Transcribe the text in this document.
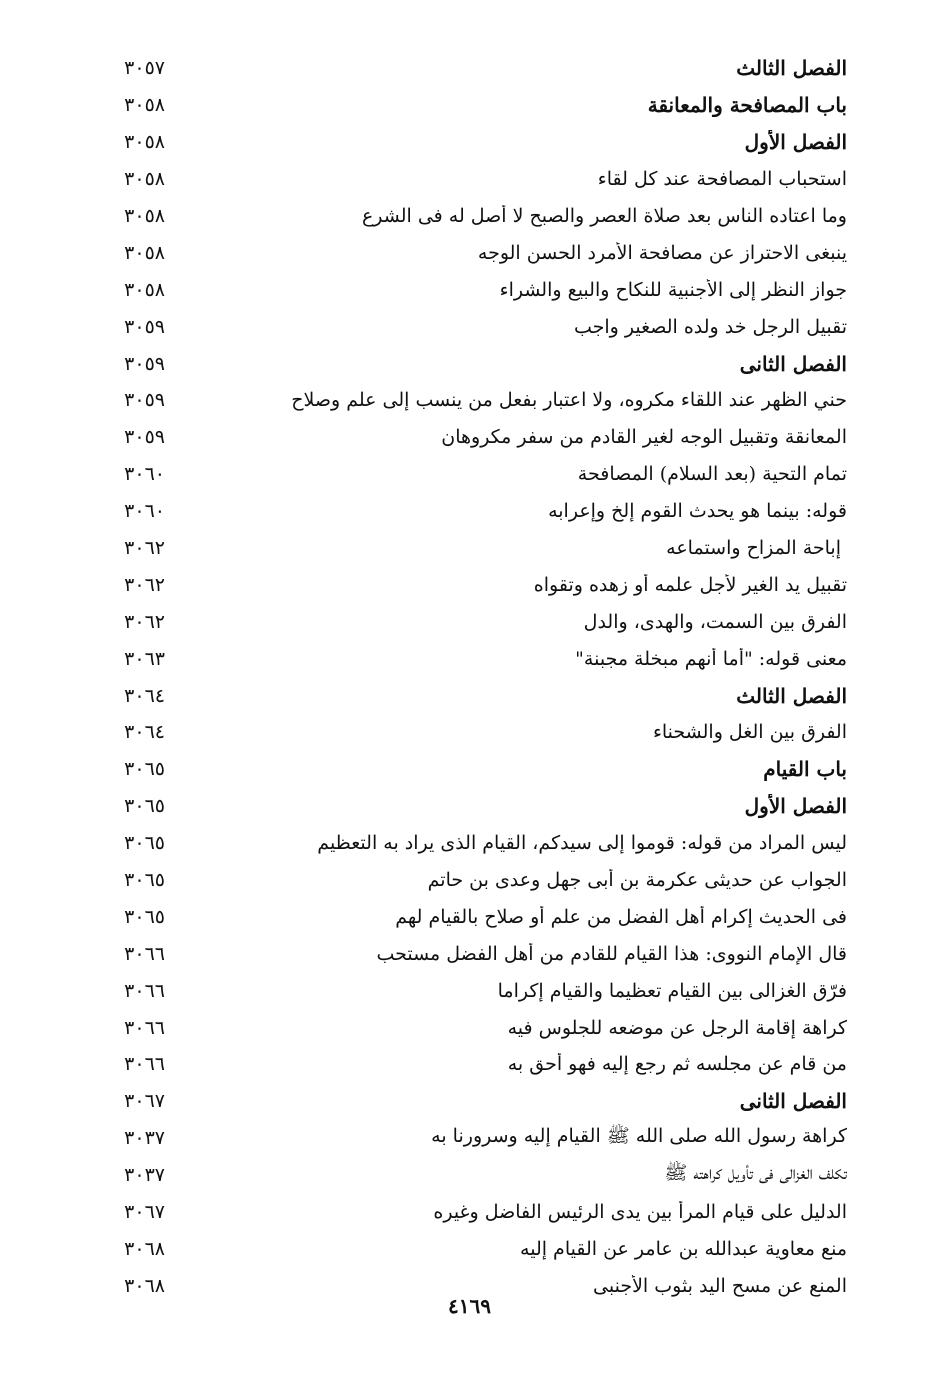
الفصل الثالث
٣٠٥٧
باب المصافحة والمعانقة
٣٠٥٨
الفصل الأول
٣٠٥٨
استحباب المصافحة عند كل لقاء
٣٠٥٨
وما اعتاده الناس بعد صلاة العصر والصبح لا أصل له فى الشرع
٣٠٥٨
ينبغى الاحتراز عن مصافحة الأمرد الحسن الوجه
٣٠٥٨
جواز النظر إلى الأجنبية للنكاح والبيع والشراء
٣٠٥٨
تقبيل الرجل خد ولده الصغير واجب
٣٠٥٩
الفصل الثانى
٣٠٥٩
حني الظهر عند اللقاء مكروه، ولا اعتبار بفعل من ينسب إلى علم وصلاح
٣٠٥٩
المعانقة وتقبيل الوجه لغير القادم من سفر مكروهان
٣٠٥٩
تمام التحية (بعد السلام) المصافحة
٣٠٦٠
قوله: بينما هو يحدث القوم إلخ وإعرابه
٣٠٦٠
إباحة المزاح واستماعه
٣٠٦٢
تقبيل يد الغير لأجل علمه أو زهده وتقواه
٣٠٦٢
الفرق بين السمت، والهدى، والدل
٣٠٦٢
معنى قوله: "أما أنهم مبخلة مجبنة"
٣٠٦٣
الفصل الثالث
٣٠٦٤
الفرق بين الغل والشحناء
٣٠٦٤
باب القيام
٣٠٦٥
الفصل الأول
٣٠٦٥
ليس المراد من قوله: قوموا إلى سيدكم، القيام الذى يراد به التعظيم
٣٠٦٥
الجواب عن حديثى عكرمة بن أبى جهل وعدى بن حاتم
٣٠٦٥
فى الحديث إكرام أهل الفضل من علم أو صلاح بالقيام لهم
٣٠٦٥
قال الإمام النووى: هذا القيام للقادم من أهل الفضل مستحب
٣٠٦٦
فرّق الغزالى بين القيام تعظيما والقيام إكراما
٣٠٦٦
كراهة إقامة الرجل عن موضعه للجلوس فيه
٣٠٦٦
من قام عن مجلسه ثم رجع إليه فهو أحق به
٣٠٦٦
الفصل الثانى
٣٠٦٧
كراهة رسول الله صلى الله ﷺ القيام إليه وسرورنا به
٣٠٣٧
تكلف الغزالى فى تأويل كراهته ﷺ
٣٠٣٧
الدليل على قيام المرأ بين يدى الرئيس الفاضل وغيره
٣٠٦٧
منع معاوية عبدالله بن عامر عن القيام إليه
٣٠٦٨
المنع عن مسح اليد بثوب الأجنبى
٣٠٦٨
٤١٦٩
